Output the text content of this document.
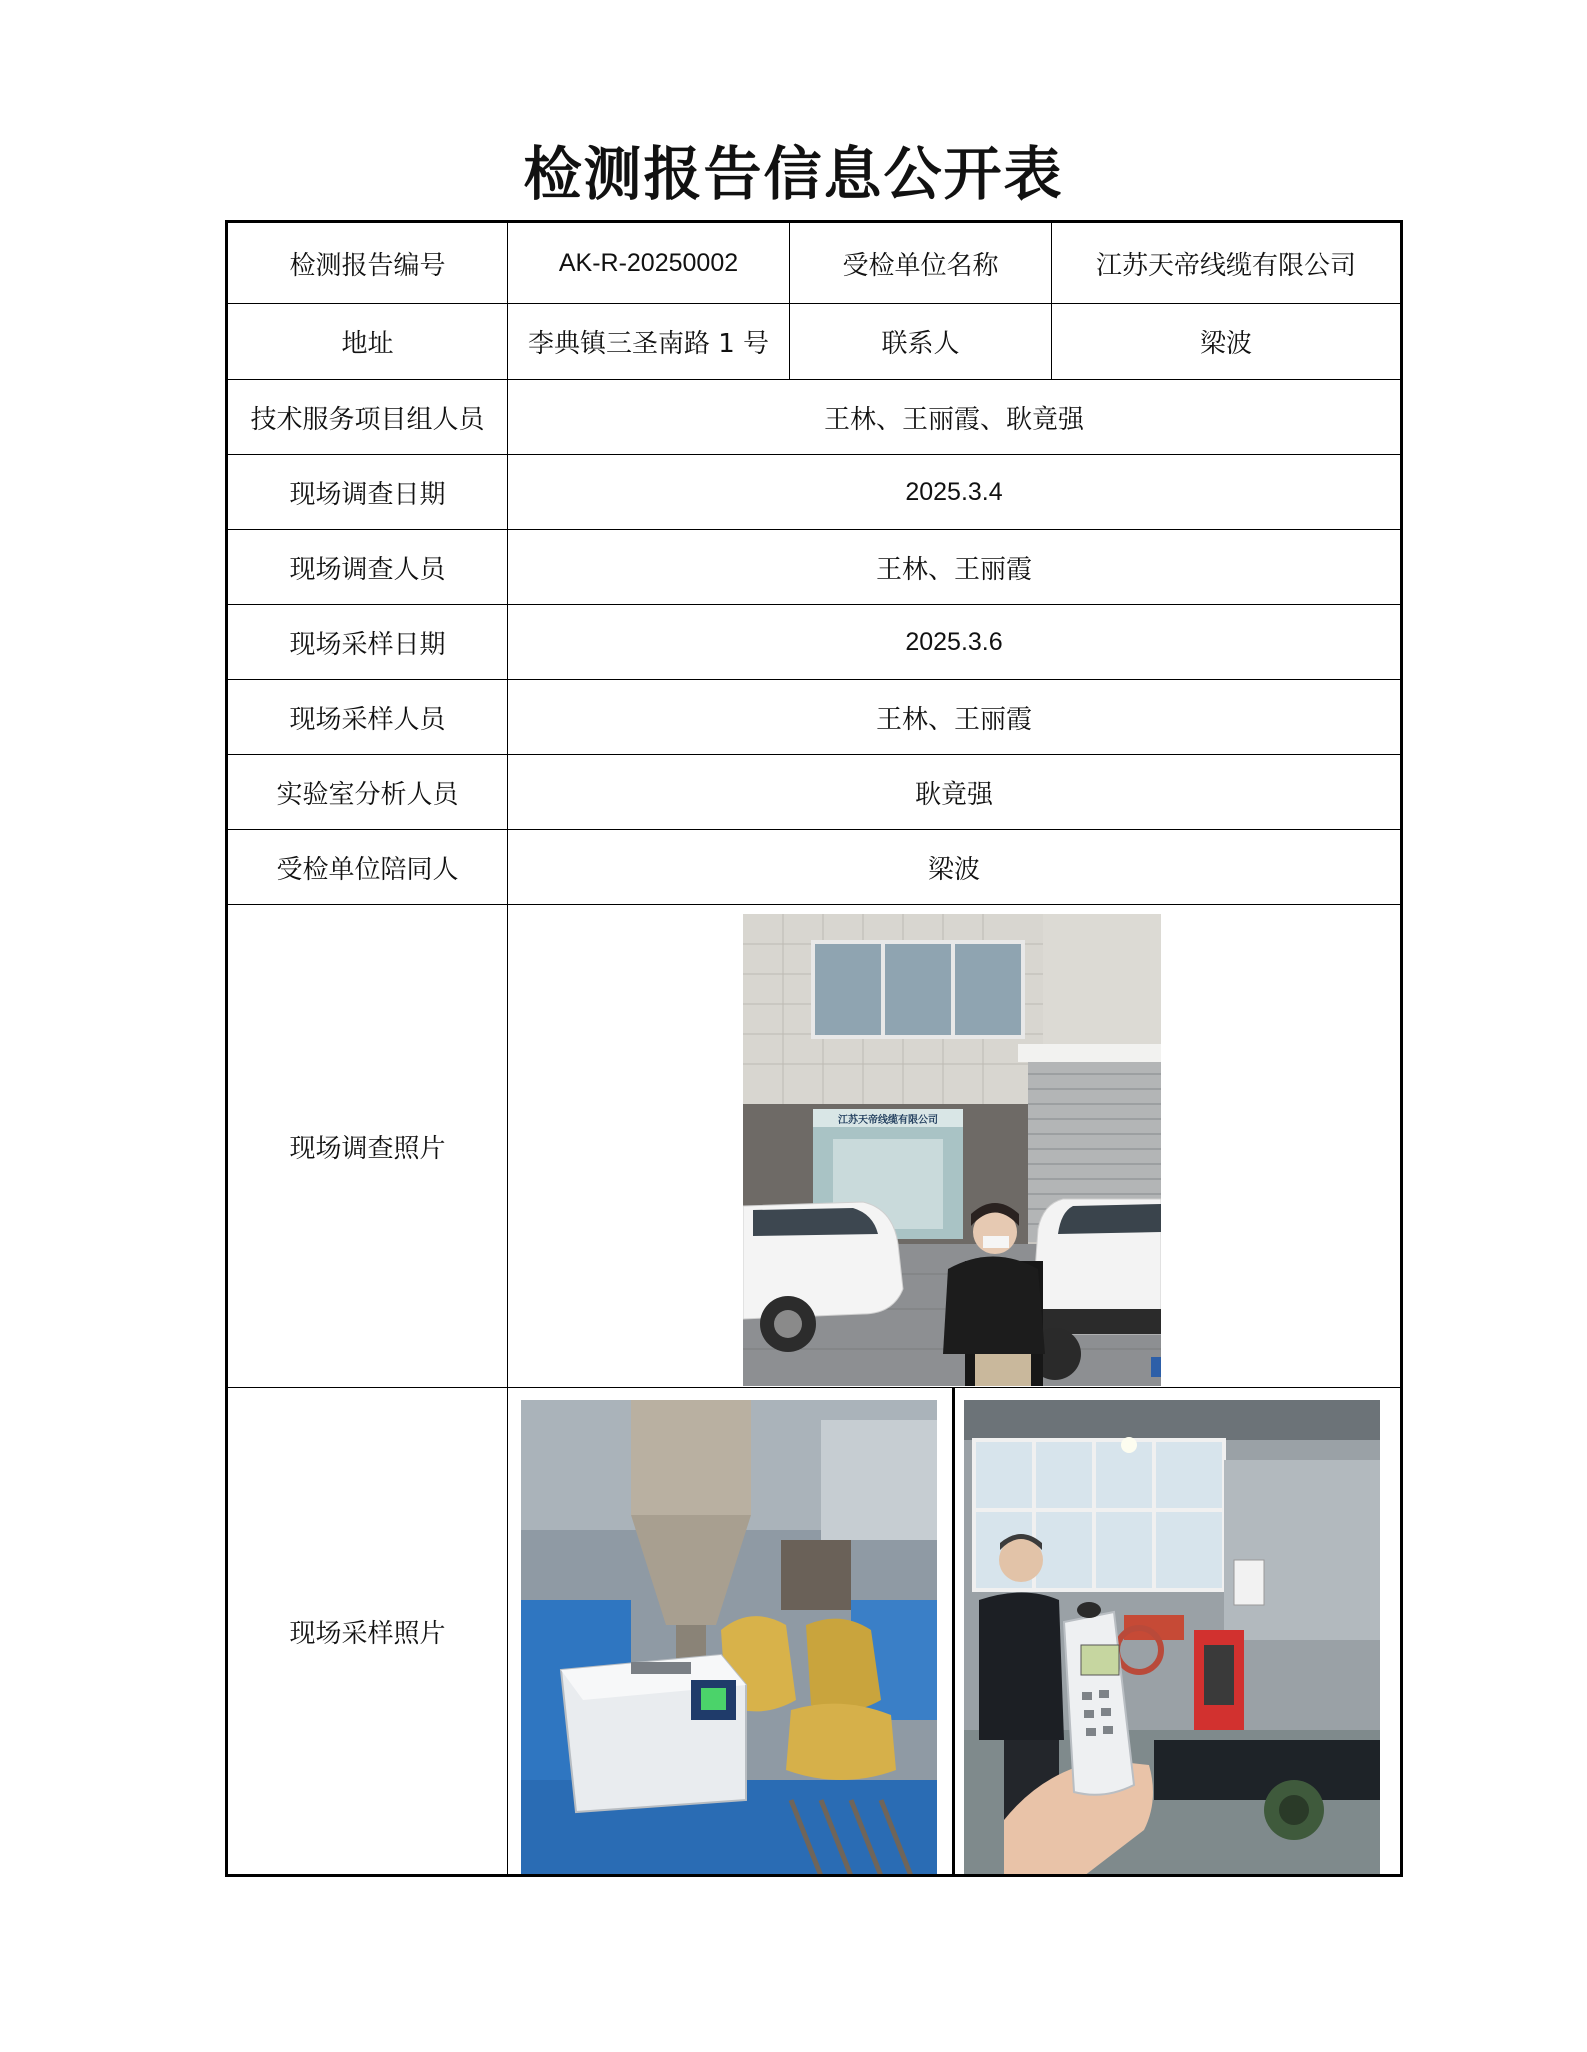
检测报告信息公开表
检测报告编号	AK-R-20250002	受检单位名称	江苏天帝线缆有限公司
地址	李典镇三圣南路 1 号	联系人	梁波
技术服务项目组人员	王林、王丽霞、耿竟强		
现场调查日期	2025.3.4		
现场调查人员	王林、王丽霞		
现场采样日期	2025.3.6		
现场采样人员	王林、王丽霞		
实验室分析人员	耿竟强		
受检单位陪同人	梁波		
现场调查照片	江苏天帝线缆有限公司		

现场采样照片	
